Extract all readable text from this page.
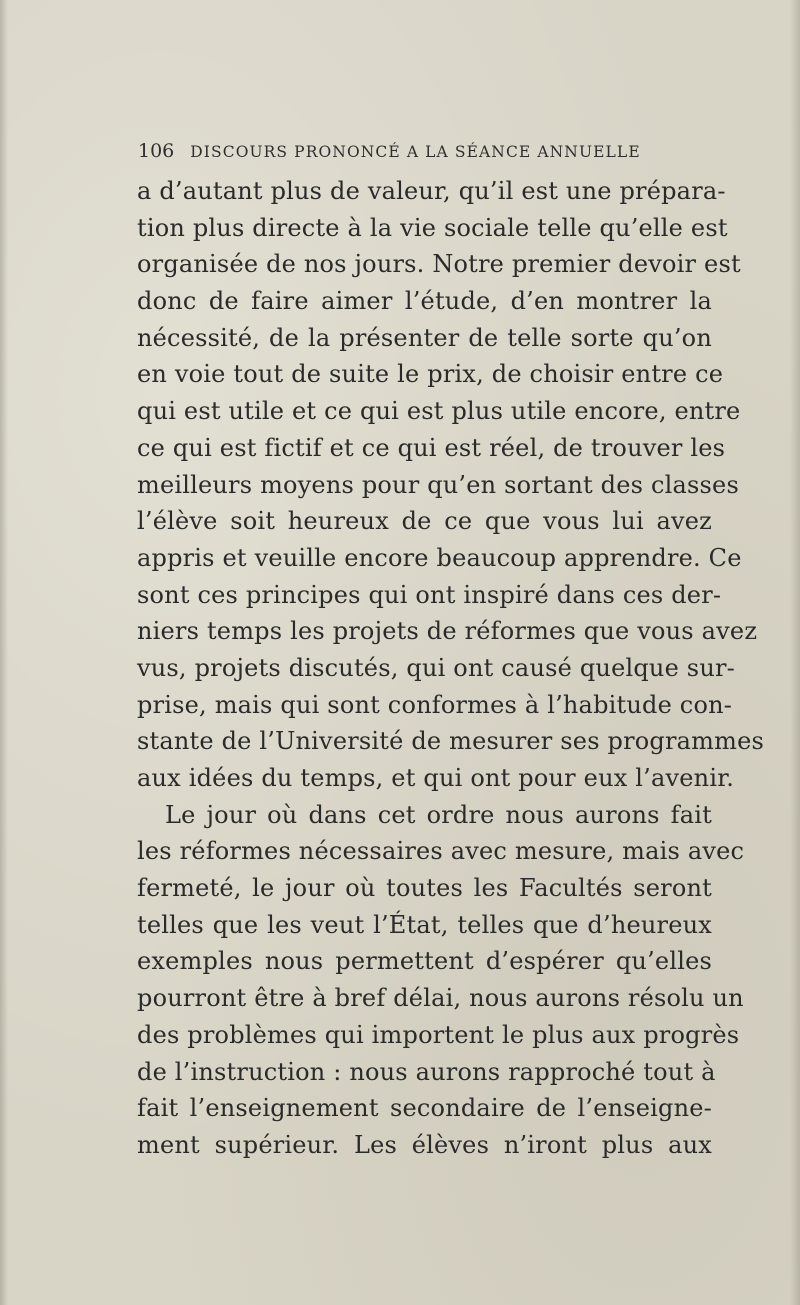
106 DISCOURS PRONONCÉ A LA SÉANCE ANNUELLE
a d’autant plus de valeur, qu’il est une prépara-
tion plus directe à la vie sociale telle qu’elle est
organisée de nos jours. Notre premier devoir est
donc de faire aimer l’étude, d’en montrer la
nécessité, de la présenter de telle sorte qu’on
en voie tout de suite le prix, de choisir entre ce
qui est utile et ce qui est plus utile encore, entre
ce qui est fictif et ce qui est réel, de trouver les
meilleurs moyens pour qu’en sortant des classes
l’élève soit heureux de ce que vous lui avez
appris et veuille encore beaucoup apprendre. Ce
sont ces principes qui ont inspiré dans ces der-
niers temps les projets de réformes que vous avez
vus, projets discutés, qui ont causé quelque sur-
prise, mais qui sont conformes à l’habitude con-
stante de l’Université de mesurer ses programmes
aux idées du temps, et qui ont pour eux l’avenir.
Le jour où dans cet ordre nous aurons fait
les réformes nécessaires avec mesure, mais avec
fermeté, le jour où toutes les Facultés seront
telles que les veut l’État, telles que d’heureux
exemples nous permettent d’espérer qu’elles
pourront être à bref délai, nous aurons résolu un
des problèmes qui importent le plus aux progrès
de l’instruction : nous aurons rapproché tout à
fait l’enseignement secondaire de l’enseigne-
ment supérieur. Les élèves n’iront plus aux
